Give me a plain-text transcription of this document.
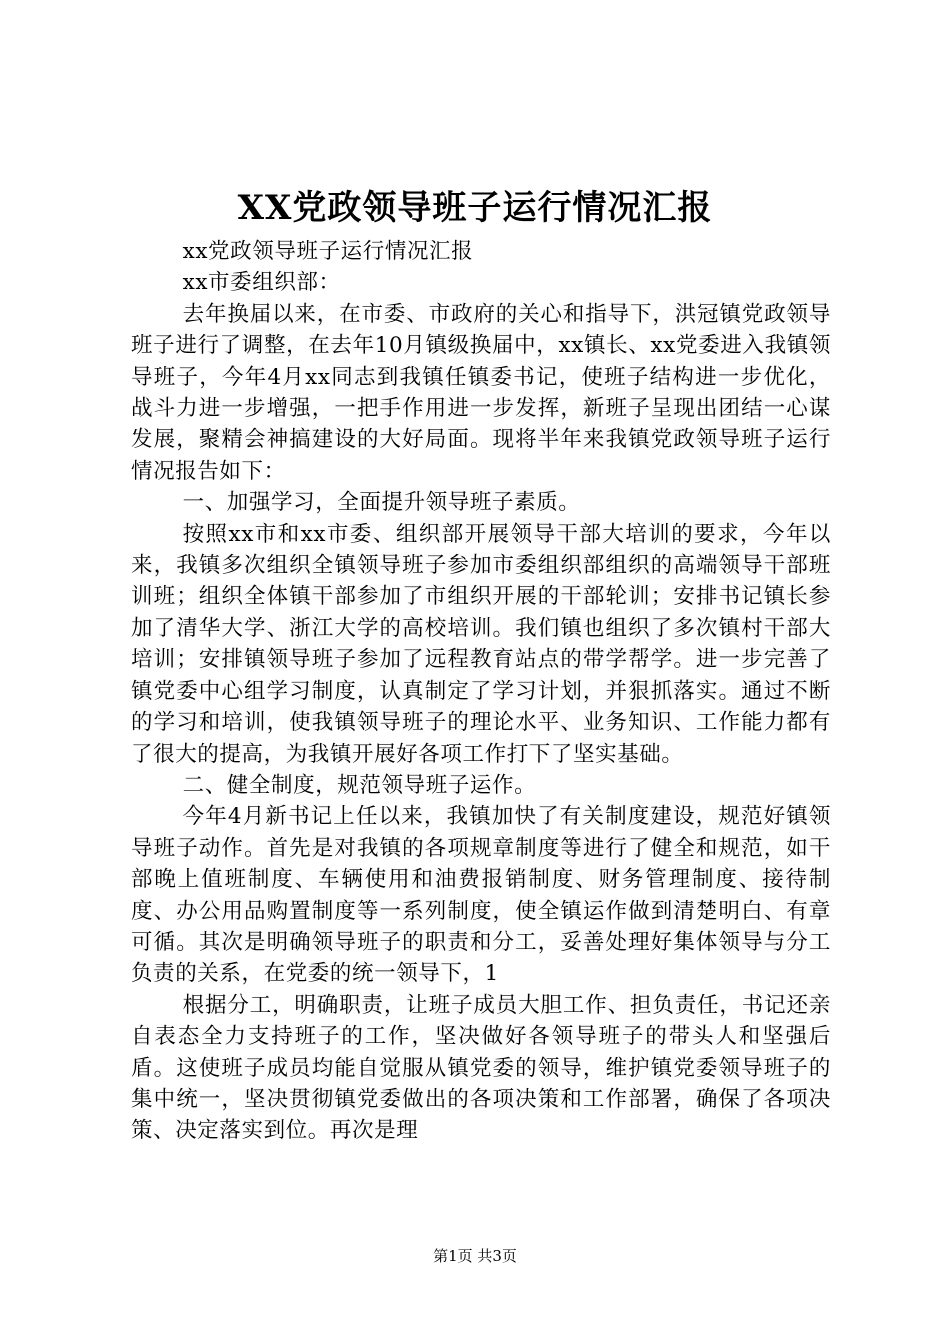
XX党政领导班子运行情况汇报

xx党政领导班子运行情况汇报

xx市委组织部：

去年换届以来，在市委、市政府的关心和指导下，洪冠镇党政领导班子进行了调整，在去年10月镇级换届中，xx镇长、xx党委进入我镇领导班子，今年4月xx同志到我镇任镇委书记，使班子结构进一步优化，战斗力进一步增强，一把手作用进一步发挥，新班子呈现出团结一心谋发展，聚精会神搞建设的大好局面。现将半年来我镇党政领导班子运行情况报告如下：

一、加强学习，全面提升领导班子素质。

按照xx市和xx市委、组织部开展领导干部大培训的要求，今年以来，我镇多次组织全镇领导班子参加市委组织部组织的高端领导干部班训班；组织全体镇干部参加了市组织开展的干部轮训；安排书记镇长参加了清华大学、浙江大学的高校培训。我们镇也组织了多次镇村干部大培训；安排镇领导班子参加了远程教育站点的带学帮学。进一步完善了镇党委中心组学习制度，认真制定了学习计划，并狠抓落实。通过不断的学习和培训，使我镇领导班子的理论水平、业务知识、工作能力都有了很大的提高，为我镇开展好各项工作打下了坚实基础。

二、健全制度，规范领导班子运作。

今年4月新书记上任以来，我镇加快了有关制度建设，规范好镇领导班子动作。首先是对我镇的各项规章制度等进行了健全和规范，如干部晚上值班制度、车辆使用和油费报销制度、财务管理制度、接待制度、办公用品购置制度等一系列制度，使全镇运作做到清楚明白、有章可循。其次是明确领导班子的职责和分工，妥善处理好集体领导与分工负责的关系，在党委的统一领导下，1

根据分工，明确职责，让班子成员大胆工作、担负责任，书记还亲自表态全力支持班子的工作，坚决做好各领导班子的带头人和坚强后盾。这使班子成员均能自觉服从镇党委的领导，维护镇党委领导班子的集中统一，坚决贯彻镇党委做出的各项决策和工作部署，确保了各项决策、决定落实到位。再次是理

第1页 共3页
